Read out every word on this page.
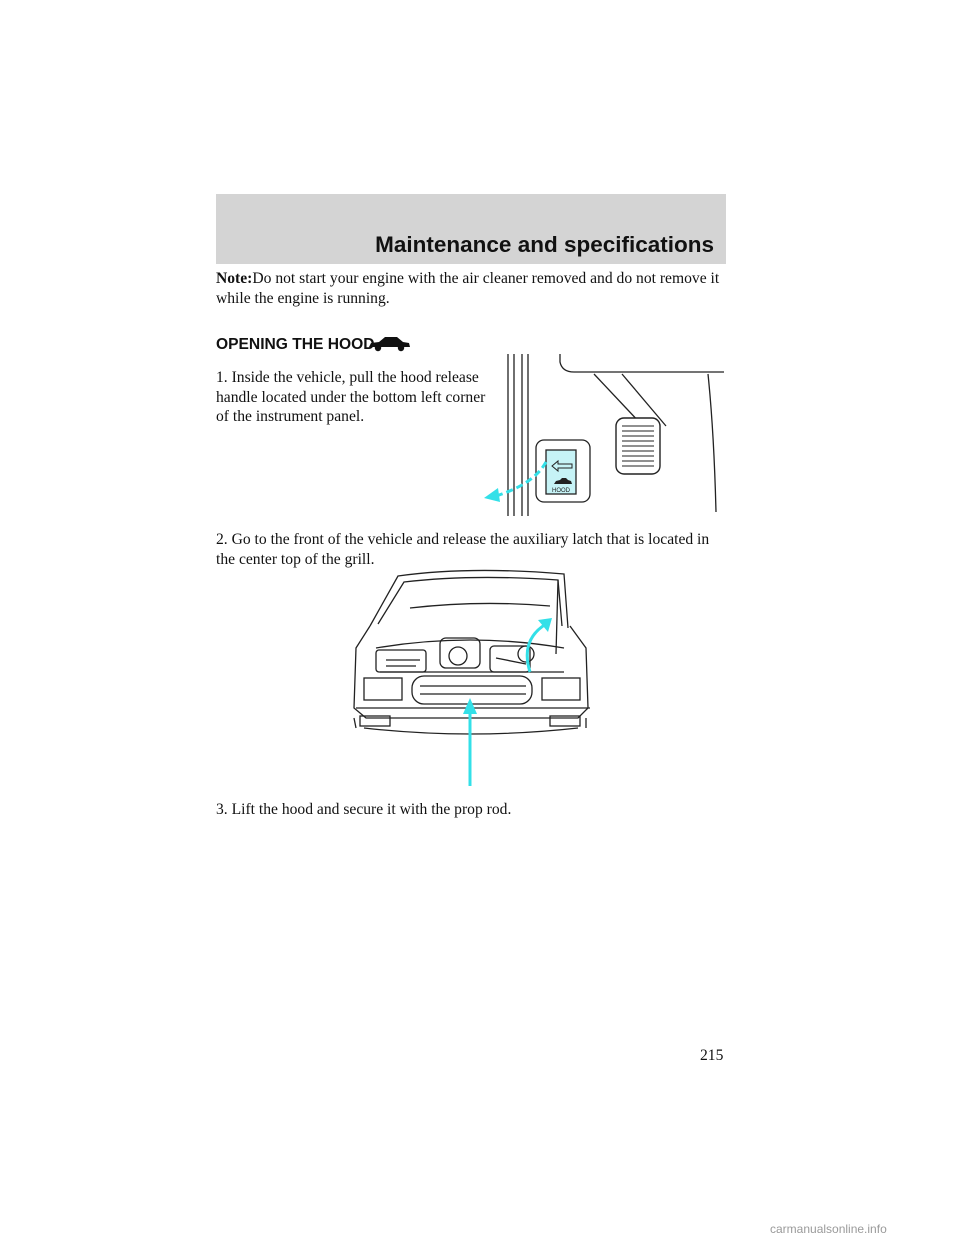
Maintenance and specifications

Note:Do not start your engine with the air cleaner removed and do not remove it while the engine is running.

OPENING THE HOOD

1. Inside the vehicle, pull the hood release handle located under the bottom left corner of the instrument panel.

HOOD

2. Go to the front of the vehicle and release the auxiliary latch that is located in the center top of the grill.

3. Lift the hood and secure it with the prop rod.

215
carmanualsonline.info
